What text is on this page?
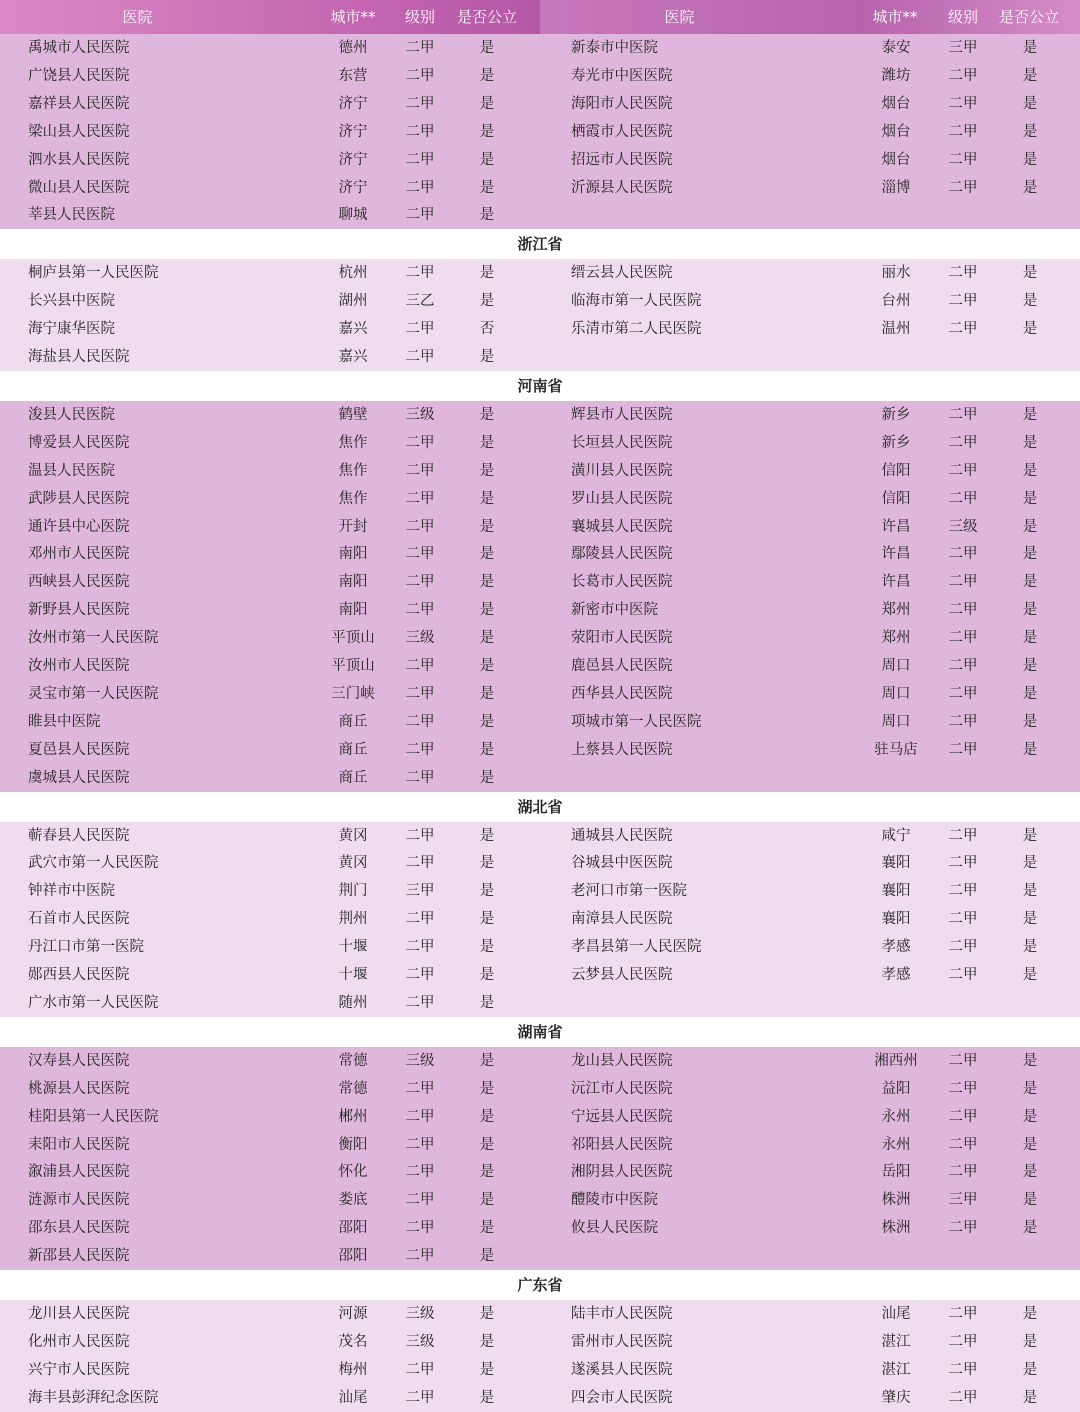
医院	城市**	级别	是否公立	医院	城市**	级别	是否公立
禹城市人民医院	德州	二甲	是	新泰市中医院	泰安	三甲	是
广饶县人民医院	东营	二甲	是	寿光市中医医院	潍坊	二甲	是
嘉祥县人民医院	济宁	二甲	是	海阳市人民医院	烟台	二甲	是
梁山县人民医院	济宁	二甲	是	栖霞市人民医院	烟台	二甲	是
泗水县人民医院	济宁	二甲	是	招远市人民医院	烟台	二甲	是
微山县人民医院	济宁	二甲	是	沂源县人民医院	淄博	二甲	是
莘县人民医院	聊城	二甲	是
浙江省
桐庐县第一人民医院	杭州	二甲	是	缙云县人民医院	丽水	二甲	是
长兴县中医院	湖州	三乙	是	临海市第一人民医院	台州	二甲	是
海宁康华医院	嘉兴	二甲	否	乐清市第二人民医院	温州	二甲	是
海盐县人民医院	嘉兴	二甲	是
河南省
浚县人民医院	鹤壁	三级	是	辉县市人民医院	新乡	二甲	是
博爱县人民医院	焦作	二甲	是	长垣县人民医院	新乡	二甲	是
温县人民医院	焦作	二甲	是	潢川县人民医院	信阳	二甲	是
武陟县人民医院	焦作	二甲	是	罗山县人民医院	信阳	二甲	是
通许县中心医院	开封	二甲	是	襄城县人民医院	许昌	三级	是
邓州市人民医院	南阳	二甲	是	鄢陵县人民医院	许昌	二甲	是
西峡县人民医院	南阳	二甲	是	长葛市人民医院	许昌	二甲	是
新野县人民医院	南阳	二甲	是	新密市中医院	郑州	二甲	是
汝州市第一人民医院	平顶山	三级	是	荥阳市人民医院	郑州	二甲	是
汝州市人民医院	平顶山	二甲	是	鹿邑县人民医院	周口	二甲	是
灵宝市第一人民医院	三门峡	二甲	是	西华县人民医院	周口	二甲	是
睢县中医院	商丘	二甲	是	项城市第一人民医院	周口	二甲	是
夏邑县人民医院	商丘	二甲	是	上蔡县人民医院	驻马店	二甲	是
虞城县人民医院	商丘	二甲	是
湖北省
蕲春县人民医院	黄冈	二甲	是	通城县人民医院	咸宁	二甲	是
武穴市第一人民医院	黄冈	二甲	是	谷城县中医医院	襄阳	二甲	是
钟祥市中医院	荆门	三甲	是	老河口市第一医院	襄阳	二甲	是
石首市人民医院	荆州	二甲	是	南漳县人民医院	襄阳	二甲	是
丹江口市第一医院	十堰	二甲	是	孝昌县第一人民医院	孝感	二甲	是
郧西县人民医院	十堰	二甲	是	云梦县人民医院	孝感	二甲	是
广水市第一人民医院	随州	二甲	是
湖南省
汉寿县人民医院	常德	三级	是	龙山县人民医院	湘西州	二甲	是
桃源县人民医院	常德	二甲	是	沅江市人民医院	益阳	二甲	是
桂阳县第一人民医院	郴州	二甲	是	宁远县人民医院	永州	二甲	是
耒阳市人民医院	衡阳	二甲	是	祁阳县人民医院	永州	二甲	是
溆浦县人民医院	怀化	二甲	是	湘阴县人民医院	岳阳	二甲	是
涟源市人民医院	娄底	二甲	是	醴陵市中医院	株洲	三甲	是
邵东县人民医院	邵阳	二甲	是	攸县人民医院	株洲	二甲	是
新邵县人民医院	邵阳	二甲	是
广东省
龙川县人民医院	河源	三级	是	陆丰市人民医院	汕尾	二甲	是
化州市人民医院	茂名	三级	是	雷州市人民医院	湛江	二甲	是
兴宁市人民医院	梅州	二甲	是	遂溪县人民医院	湛江	二甲	是
海丰县彭湃纪念医院	汕尾	二甲	是	四会市人民医院	肇庆	二甲	是
